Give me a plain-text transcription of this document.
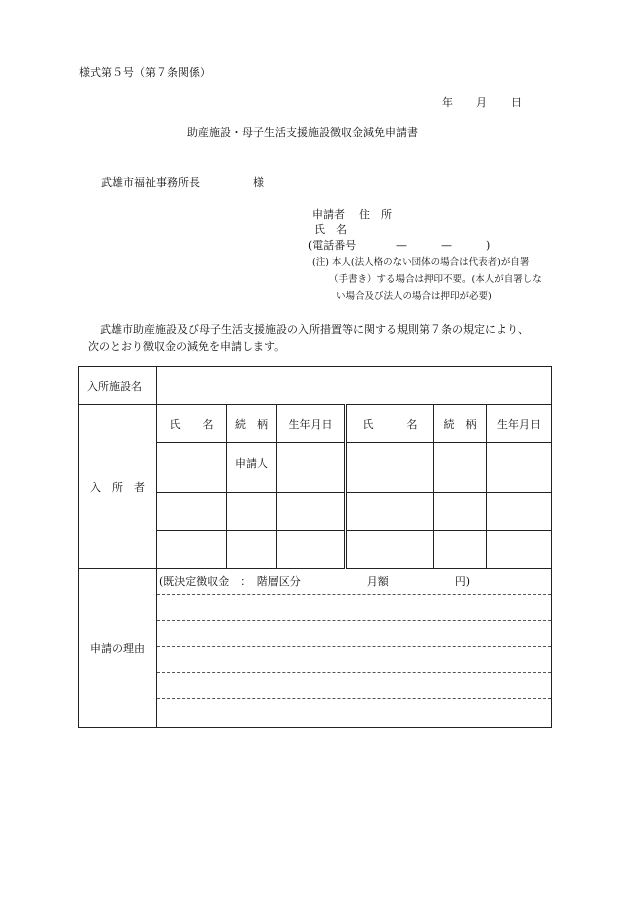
様式第５号（第７条関係）
年 月 日
助産施設・母子生活支援施設徴収金減免申請書
武雄市福祉事務所長	様
申請者 住　所
氏　名
(電話番号	—	—	)
(注) 本人(法人格のない団体の場合は代表者)が自署
（手書き）する場合は押印不要。(本人が自署しな
い場合及び法人の場合は押印が必要)
武雄市助産施設及び母子生活支援施設の入所措置等に関する規則第７条の規定により、
次のとおり徴収金の減免を申請します。
入所施設名						
入　所　者	氏　　名	続　柄	生年月日	氏　　　名	続　柄	生年月日
		申請人				

申請の理由	(既決定徴収金　：　階層区分　　　　　　月額　　　　　　円)					
